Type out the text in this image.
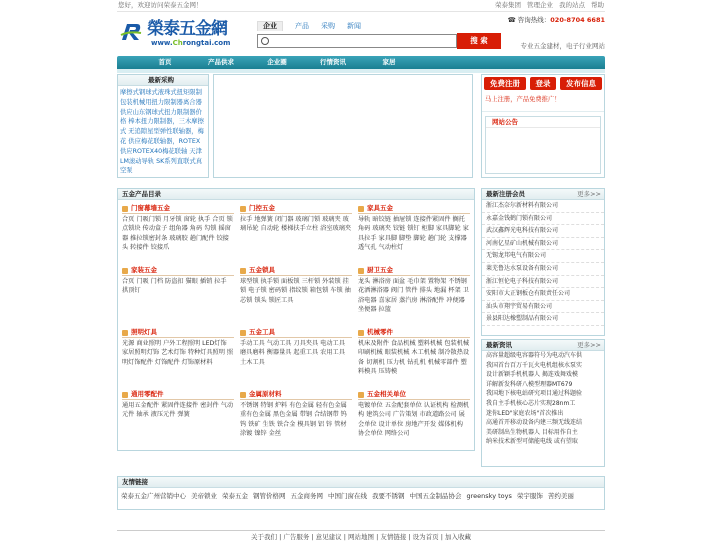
您好，欢迎访问荣泰五金网！	荣泰集团 管理企业 我的站点 帮助
榮泰五金網
www.Chrongtai.com
企业	产品 采购 新闻
搜 索
☎ 咨询热线：020-8704 6681
专业五金建材，电子行业网站
首页	产品供求	企业圈	行情资讯	家居
最新采购
摩擦式钢球式液珠式扭矩限制 包装机械用扭力限制器离合器 供应山东钢球式扭力限制器价格 棒本扭力限制器，三木摩擦式 无追隙星型弹性联轴器，梅花 供应梅花联轴器，ROTEX 供应ROTEX40梅花联轴 天津LM滚动导轨 SK系列直联式真空泵
免费注册	登录	发布信息
马上注册，产品免费推广！
网站公告
五金产品目录
门窗幕墙五金
合页 门吸门锁 月牙锁 窗轮 执手 合页 锁点锁块 传动盒子 组角器 角码 勾锁 摇窗器 推拉锁密封条 玻璃胶 趟门配件 铰接头 转接件 铰接爪
门控五金
拉手 地弹簧 闭门器 玻璃门锁 玻璃夹 玻璃吊轮 自动轮 楼梯扶手立柱 浴室玻璃夹
家具五金
导轨 暗铰链 抽屉锁 连接件紧固件 搁托 角码 玻璃夹 铰链 锁钉 柜脚 家具脚轮 家具拉手 家具脚 脚垫 脚轮 趟门轮 支撑器 透气孔 气动柱灯
家装五金
合页 门吸 门档 防盗扣 猫眼 插销 拉手 拱顶钉
五金锁具
球型锁 执手锁 面板锁 三杆锁 外装锁 挂锁 电子锁 密码锁 指纹锁 箱包锁 车锁 抽芯锁 锁头 锁匠工具
厨卫五金
龙头 淋浴房 面盆 毛巾架 置物架 不锈钢 花洒淋浴器 阀门 管件 排头 地漏 杯架 卫浴电器 喜家居 蒸汽房 淋浴配件 冲便器 坐便器 拉篮
照明灯具
光源 商业照明 户外工程照明 LED灯饰 家居照明灯饰 艺术灯饰 特种灯具照明 照明灯饰配件 灯饰配件 灯饰原材料
五金工具
手动工具 气动工具 刀具夹具 电动工具 磨具磨料 衡器量具 起重工具 农用工具 土木工具
机械零件
机床及附件 食品机械 塑料机械 包装机械 印刷机械 眼装机械 木工机械 制冷散热设备 切割机 压力机 钻孔机 机械零部件 塑料模具 压铸模
通用零配件
通用五金配件 紧固件连接件 密封件 气动元件 轴承 液压元件 弹簧
金属原材料
不锈钢 特钢 炉料 有色金属 轻有色金属 重有色金属 黑色金属 带钢 合结钢带 钨钨 铁矿 生铁 铁合金 模具钢 铝 锌 管材 涂镀 镍锌 金丝
五金相关单位
电镀单位 五金配套单位 认证机构 检测机构 建筑公司 广告策划 市政道路公司 展会单位 设计单位 房地产开发 媒体机构 协会单位 网络公司
最新注册会员	更多>>
浙江杰奈尔新材料有限公司
永嘉金钱鹤门锁有限公司
武汉鑫辉光电科技有限公司
河南亿星矿山机械有限公司
无锡龙邦电气有限公司
莱芜鲁达水泵设备有限公司
浙江恒伦电子科技有限公司
安阳市大正钢板仓有限责任公司
汕头市翔宇贸易有限公司
景县阳达橡塑制品有限公司
最新资讯	更多>>
高容量超级电容器符号为电动汽车供
我国首台百万千瓦火电机组核水泵实
设计新颖手机机器人 揭连戏舞戏模
详解新发科研八模型理器MT679
我国地下核电站研究项目通过科题验
我自主手机核心芯片实现28nm工
迷你LED"家庭农场"首次推出
高通首开移动设备内建三频无线连结
美研制出生物机器人 目标用作自主
纳米技术新型可储能电线 或有望取
友情链接
荣泰五金广州营销中心 美帝锁业 荣泰五金 钢管价格网 五金商务网 中国门窗在线 我要不锈钢 中国五金制品协会 greensky toys 荣宇服饰 苦约美丽
关于我们 | 广告服务 | 意见建议 | 网站地图 | 友情链接 | 设为首页 | 加入收藏
